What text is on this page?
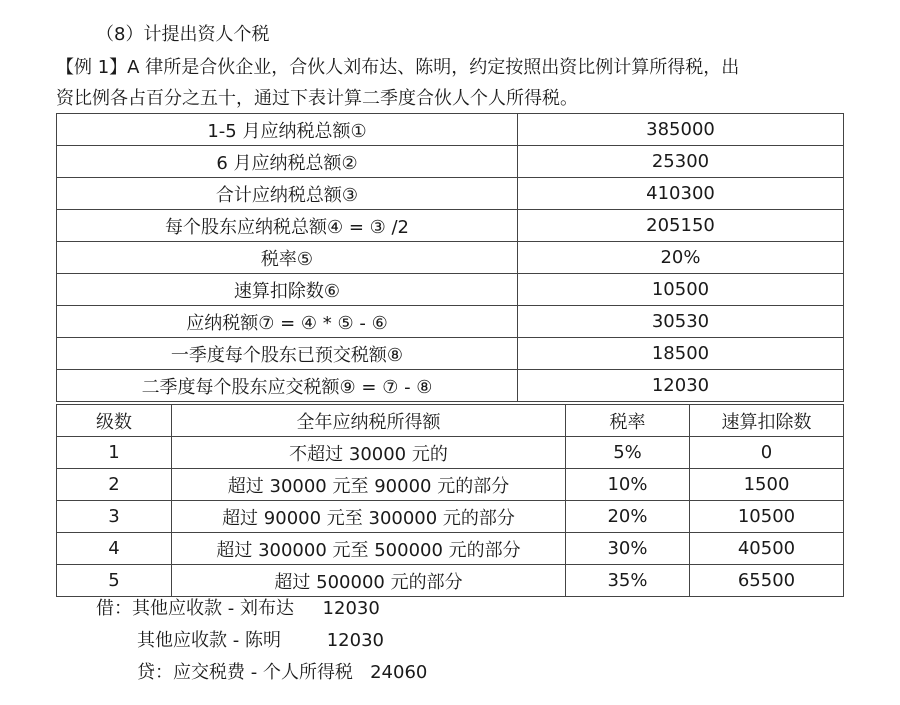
（8）计提出资人个税
【例 1】A 律所是合伙企业，合伙人刘布达、陈明，约定按照出资比例计算所得税，出
资比例各占百分之五十，通过下表计算二季度合伙人个人所得税。
1-5 月应纳税总额①	385000
6 月应纳税总额②	25300
合计应纳税总额③	410300
每个股东应纳税总额④ = ③ /2	205150
税率⑤	20%
速算扣除数⑥	10500
应纳税额⑦ = ④ * ⑤ - ⑥	30530
一季度每个股东已预交税额⑧	18500
二季度每个股东应交税额⑨ = ⑦ - ⑧	12030
级数	全年应纳税所得额	税率	速算扣除数
1	不超过 30000 元的	5%	0
2	超过 30000 元至 90000 元的部分	10%	1500
3	超过 90000 元至 300000 元的部分	20%	10500
4	超过 300000 元至 500000 元的部分	30%	40500
5	超过 500000 元的部分	35%	65500
借：其他应收款 - 刘布达     12030
其他应收款 - 陈明        12030
贷：应交税费 - 个人所得税   24060
